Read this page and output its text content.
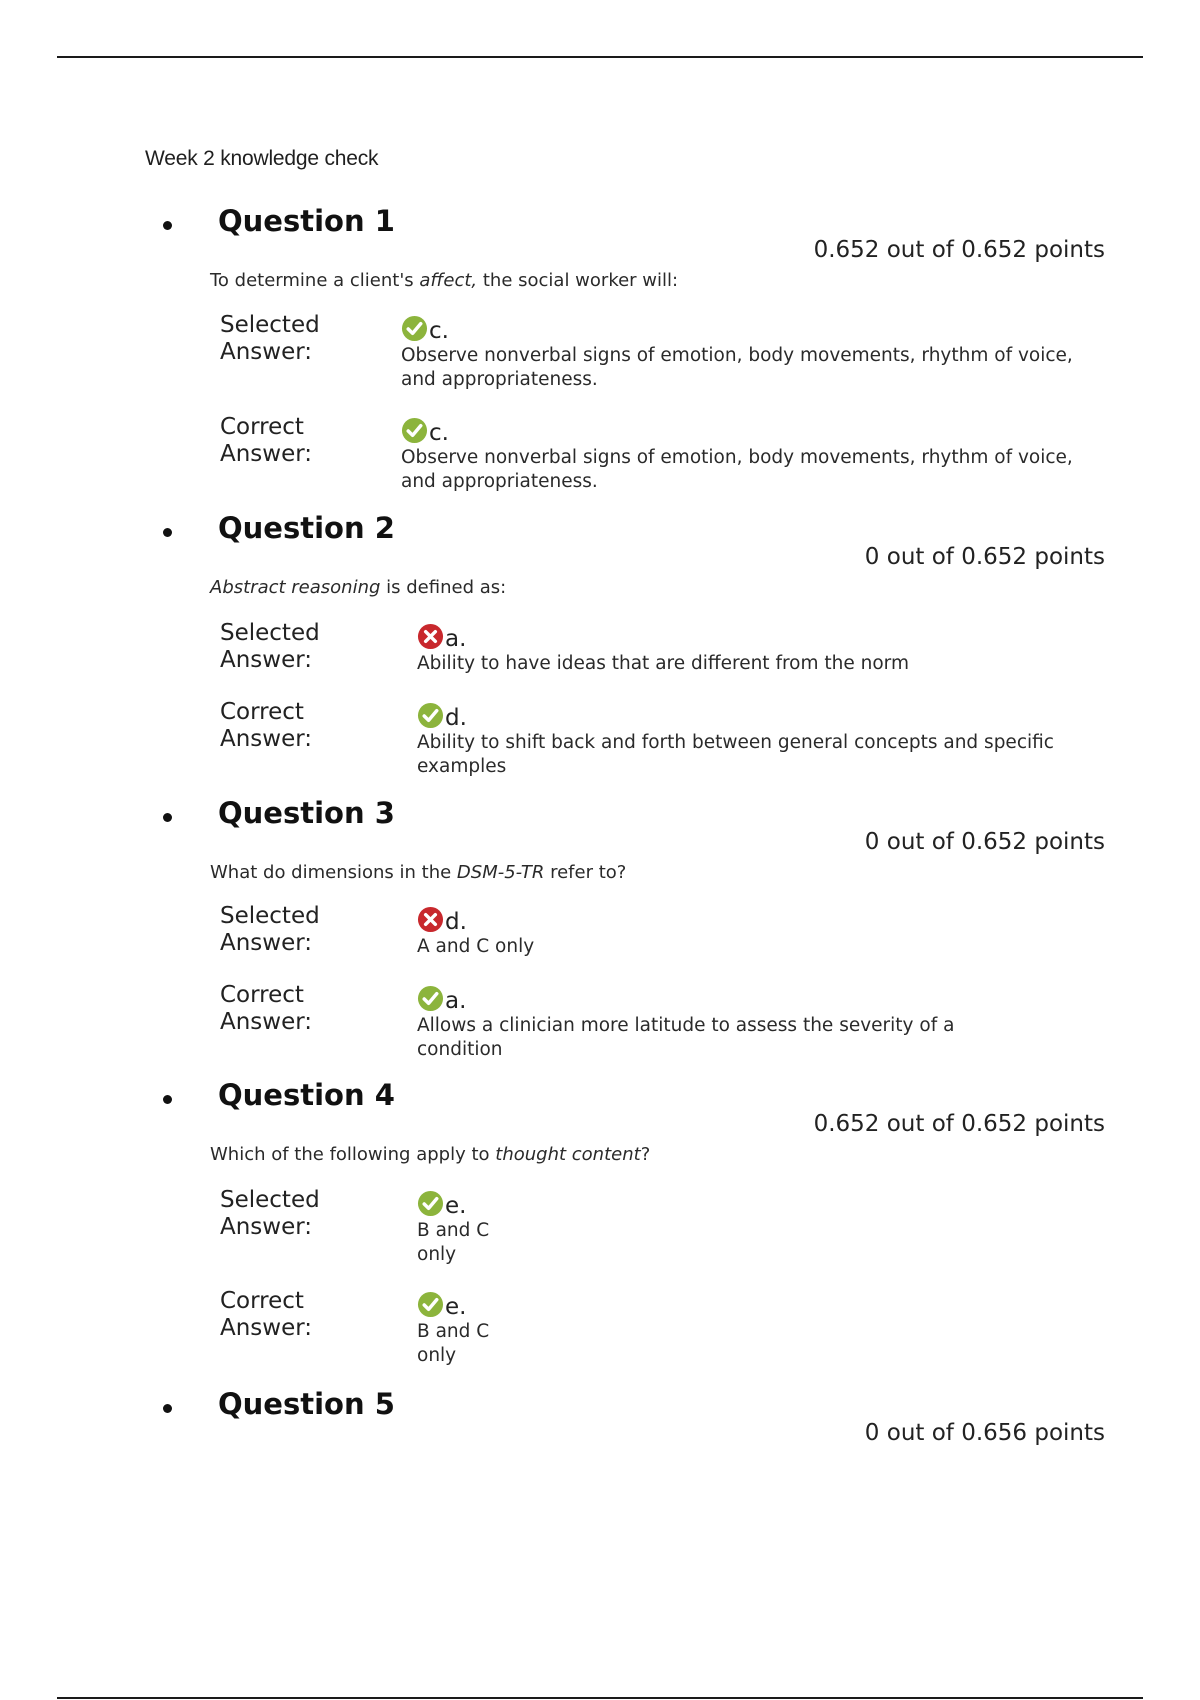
Week 2 knowledge check
Question 1
0.652 out of 0.652 points
To determine a client's affect, the social worker will:
Selected Answer:
c.
Observe nonverbal signs of emotion, body movements, rhythm of voice, and appropriateness.
Correct Answer:
c.
Observe nonverbal signs of emotion, body movements, rhythm of voice, and appropriateness.
Question 2
0 out of 0.652 points
Abstract reasoning is defined as:
Selected Answer:
a.
Ability to have ideas that are different from the norm
Correct Answer:
d.
Ability to shift back and forth between general concepts and specific examples
Question 3
0 out of 0.652 points
What do dimensions in the DSM-5-TR refer to?
Selected Answer:
d.
A and C only
Correct Answer:
a.
Allows a clinician more latitude to assess the severity of a condition
Question 4
0.652 out of 0.652 points
Which of the following apply to thought content?
Selected Answer:
e.
B and C only
Correct Answer:
e.
B and C only
Question 5
0 out of 0.656 points
